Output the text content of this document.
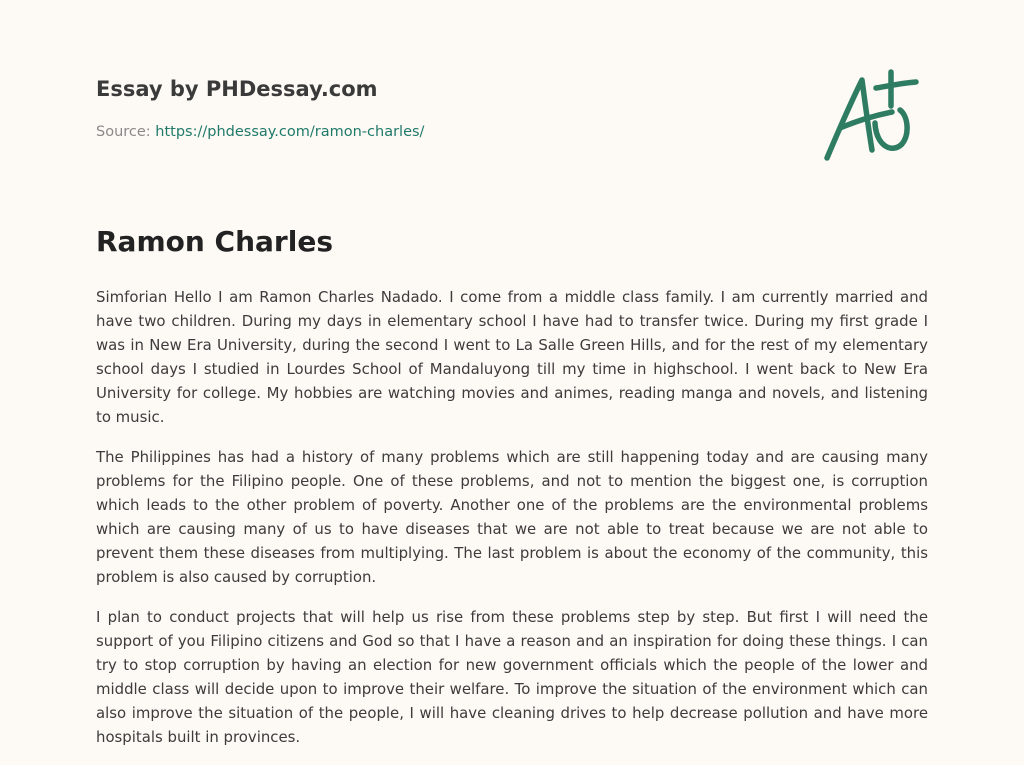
Essay by PHDessay.com
Source: https://phdessay.com/ramon-charles/
Ramon Charles

Simforian Hello I am Ramon Charles Nadado. I come from a middle class family. I am currently married and have two children. During my days in elementary school I have had to transfer twice. During my first grade I was in New Era University, during the second I went to La Salle Green Hills, and for the rest of my elementary school days I studied in Lourdes School of Mandaluyong till my time in highschool. I went back to New Era University for college. My hobbies are watching movies and animes, reading manga and novels, and listening to music.

The Philippines has had a history of many problems which are still happening today and are causing many problems for the Filipino people. One of these problems, and not to mention the biggest one, is corruption which leads to the other problem of poverty. Another one of the problems are the environmental problems which are causing many of us to have diseases that we are not able to treat because we are not able to prevent them these diseases from multiplying. The last problem is about the economy of the community, this problem is also caused by corruption.

I plan to conduct projects that will help us rise from these problems step by step. But first I will need the support of you Filipino citizens and God so that I have a reason and an inspiration for doing these things. I can try to stop corruption by having an election for new government officials which the people of the lower and middle class will decide upon to improve their welfare. To improve the situation of the environment which can also improve the situation of the people, I will have cleaning drives to help decrease pollution and have more hospitals built in provinces.
